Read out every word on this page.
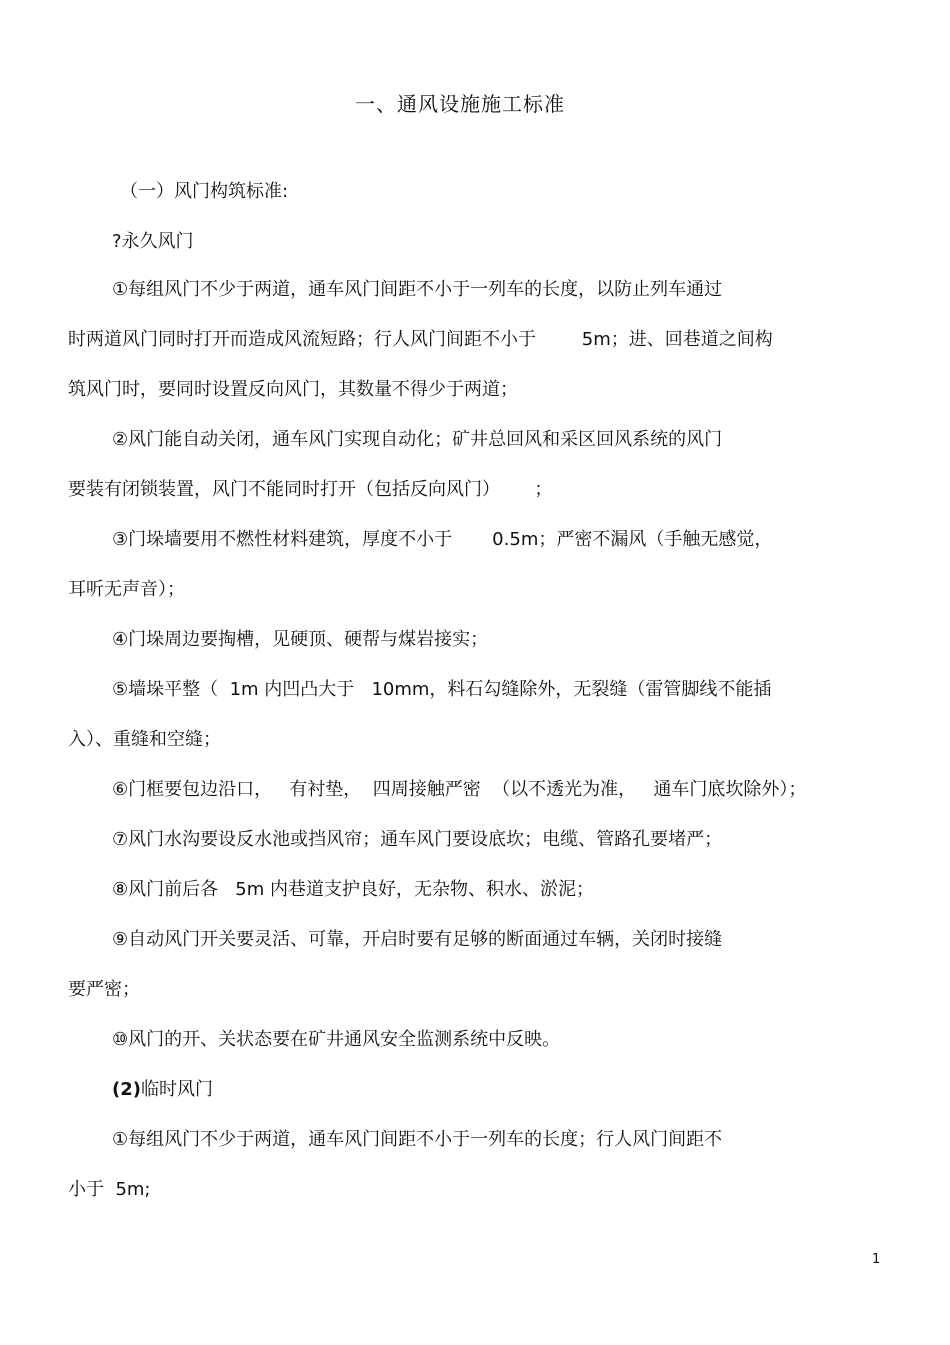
一、通风设施施工标准
（一）风门构筑标准:
?永久风门
①每组风门不少于两道，通车风门间距不小于一列车的长度，以防止列车通过
时两道风门同时打开而造成风流短路；行人风门间距不小于        5m；进、回巷道之间构
筑风门时，要同时设置反向风门，其数量不得少于两道；
②风门能自动关闭，通车风门实现自动化；矿井总回风和采区回风系统的风门
要装有闭锁装置，风门不能同时打开（包括反向风门）      ；
③门垛墙要用不燃性材料建筑，厚度不小于       0.5m；严密不漏风（手触无感觉，
耳听无声音）；
④门垛周边要掏槽，见硬顶、硬帮与煤岩接实；
⑤墙垛平整（  1m 内凹凸大于   10mm，料石勾缝除外，无裂缝（雷管脚线不能插
入）、重缝和空缝；
⑥门框要包边沿口，   有衬垫，  四周接触严密  （以不透光为准，   通车门底坎除外）；
⑦风门水沟要设反水池或挡风帘；通车风门要设底坎；电缆、管路孔要堵严；
⑧风门前后各   5m 内巷道支护良好，无杂物、积水、淤泥；
⑨自动风门开关要灵活、可靠，开启时要有足够的断面通过车辆，关闭时接缝
要严密；
⑩风门的开、关状态要在矿井通风安全监测系统中反映。
(2)临时风门
①每组风门不少于两道，通车风门间距不小于一列车的长度；行人风门间距不
小于  5m;
1
